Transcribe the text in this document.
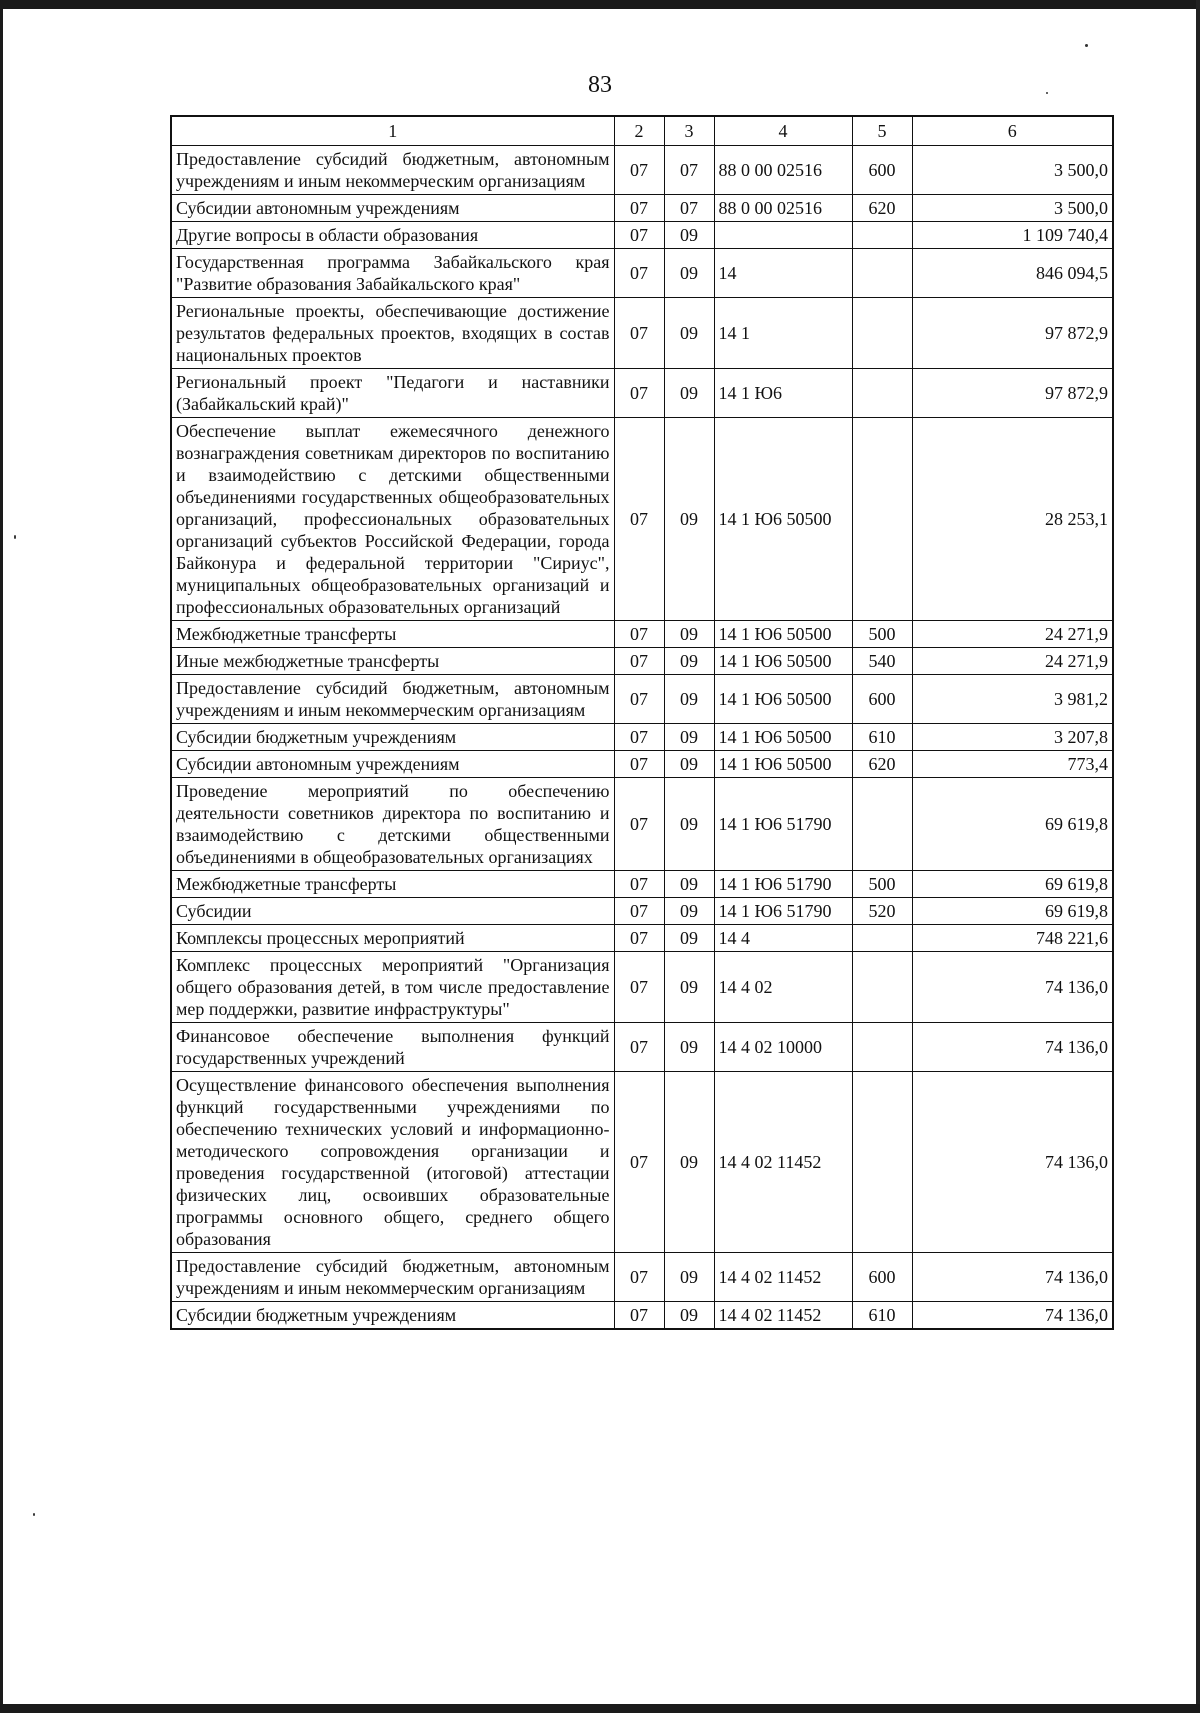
83
1	2	3	4	5	6
Предоставление субсидий бюджетным, автономным учреждениям и иным некоммерческим организациям	07	07	88 0 00 02516	600	3 500,0
Субсидии автономным учреждениям	07	07	88 0 00 02516	620	3 500,0
Другие вопросы в области образования	07	09			1 109 740,4
Государственная программа Забайкальского края "Развитие образования Забайкальского края"	07	09	14		846 094,5
Региональные проекты, обеспечивающие достижение результатов федеральных проектов, входящих в состав национальных проектов	07	09	14 1		97 872,9
Региональный проект "Педагоги и наставники (Забайкальский край)"	07	09	14 1 Ю6		97 872,9
Обеспечение выплат ежемесячного денежного вознаграждения советникам директоров по воспитанию и взаимодействию с детскими общественными объединениями государственных общеобразовательных организаций, профессиональных образовательных организаций субъектов Российской Федерации, города Байконура и федеральной территории "Сириус", муниципальных общеобразовательных организаций и профессиональных образовательных организаций	07	09	14 1 Ю6 50500		28 253,1
Межбюджетные трансферты	07	09	14 1 Ю6 50500	500	24 271,9
Иные межбюджетные трансферты	07	09	14 1 Ю6 50500	540	24 271,9
Предоставление субсидий бюджетным, автономным учреждениям и иным некоммерческим организациям	07	09	14 1 Ю6 50500	600	3 981,2
Субсидии бюджетным учреждениям	07	09	14 1 Ю6 50500	610	3 207,8
Субсидии автономным учреждениям	07	09	14 1 Ю6 50500	620	773,4
Проведение мероприятий по обеспечению деятельности советников директора по воспитанию и взаимодействию с детскими общественными объединениями в общеобразовательных организациях	07	09	14 1 Ю6 51790		69 619,8
Межбюджетные трансферты	07	09	14 1 Ю6 51790	500	69 619,8
Субсидии	07	09	14 1 Ю6 51790	520	69 619,8
Комплексы процессных мероприятий	07	09	14 4		748 221,6
Комплекс процессных мероприятий "Организация общего образования детей, в том числе предоставление мер поддержки, развитие инфраструктуры"	07	09	14 4 02		74 136,0
Финансовое обеспечение выполнения функций государственных учреждений	07	09	14 4 02 10000		74 136,0
Осуществление финансового обеспечения выполнения функций государственными учреждениями по обеспечению технических условий и информационно-методического сопровождения организации и проведения государственной (итоговой) аттестации физических лиц, освоивших образовательные программы основного общего, среднего общего образования	07	09	14 4 02 11452		74 136,0
Предоставление субсидий бюджетным, автономным учреждениям и иным некоммерческим организациям	07	09	14 4 02 11452	600	74 136,0
Субсидии бюджетным учреждениям	07	09	14 4 02 11452	610	74 136,0
